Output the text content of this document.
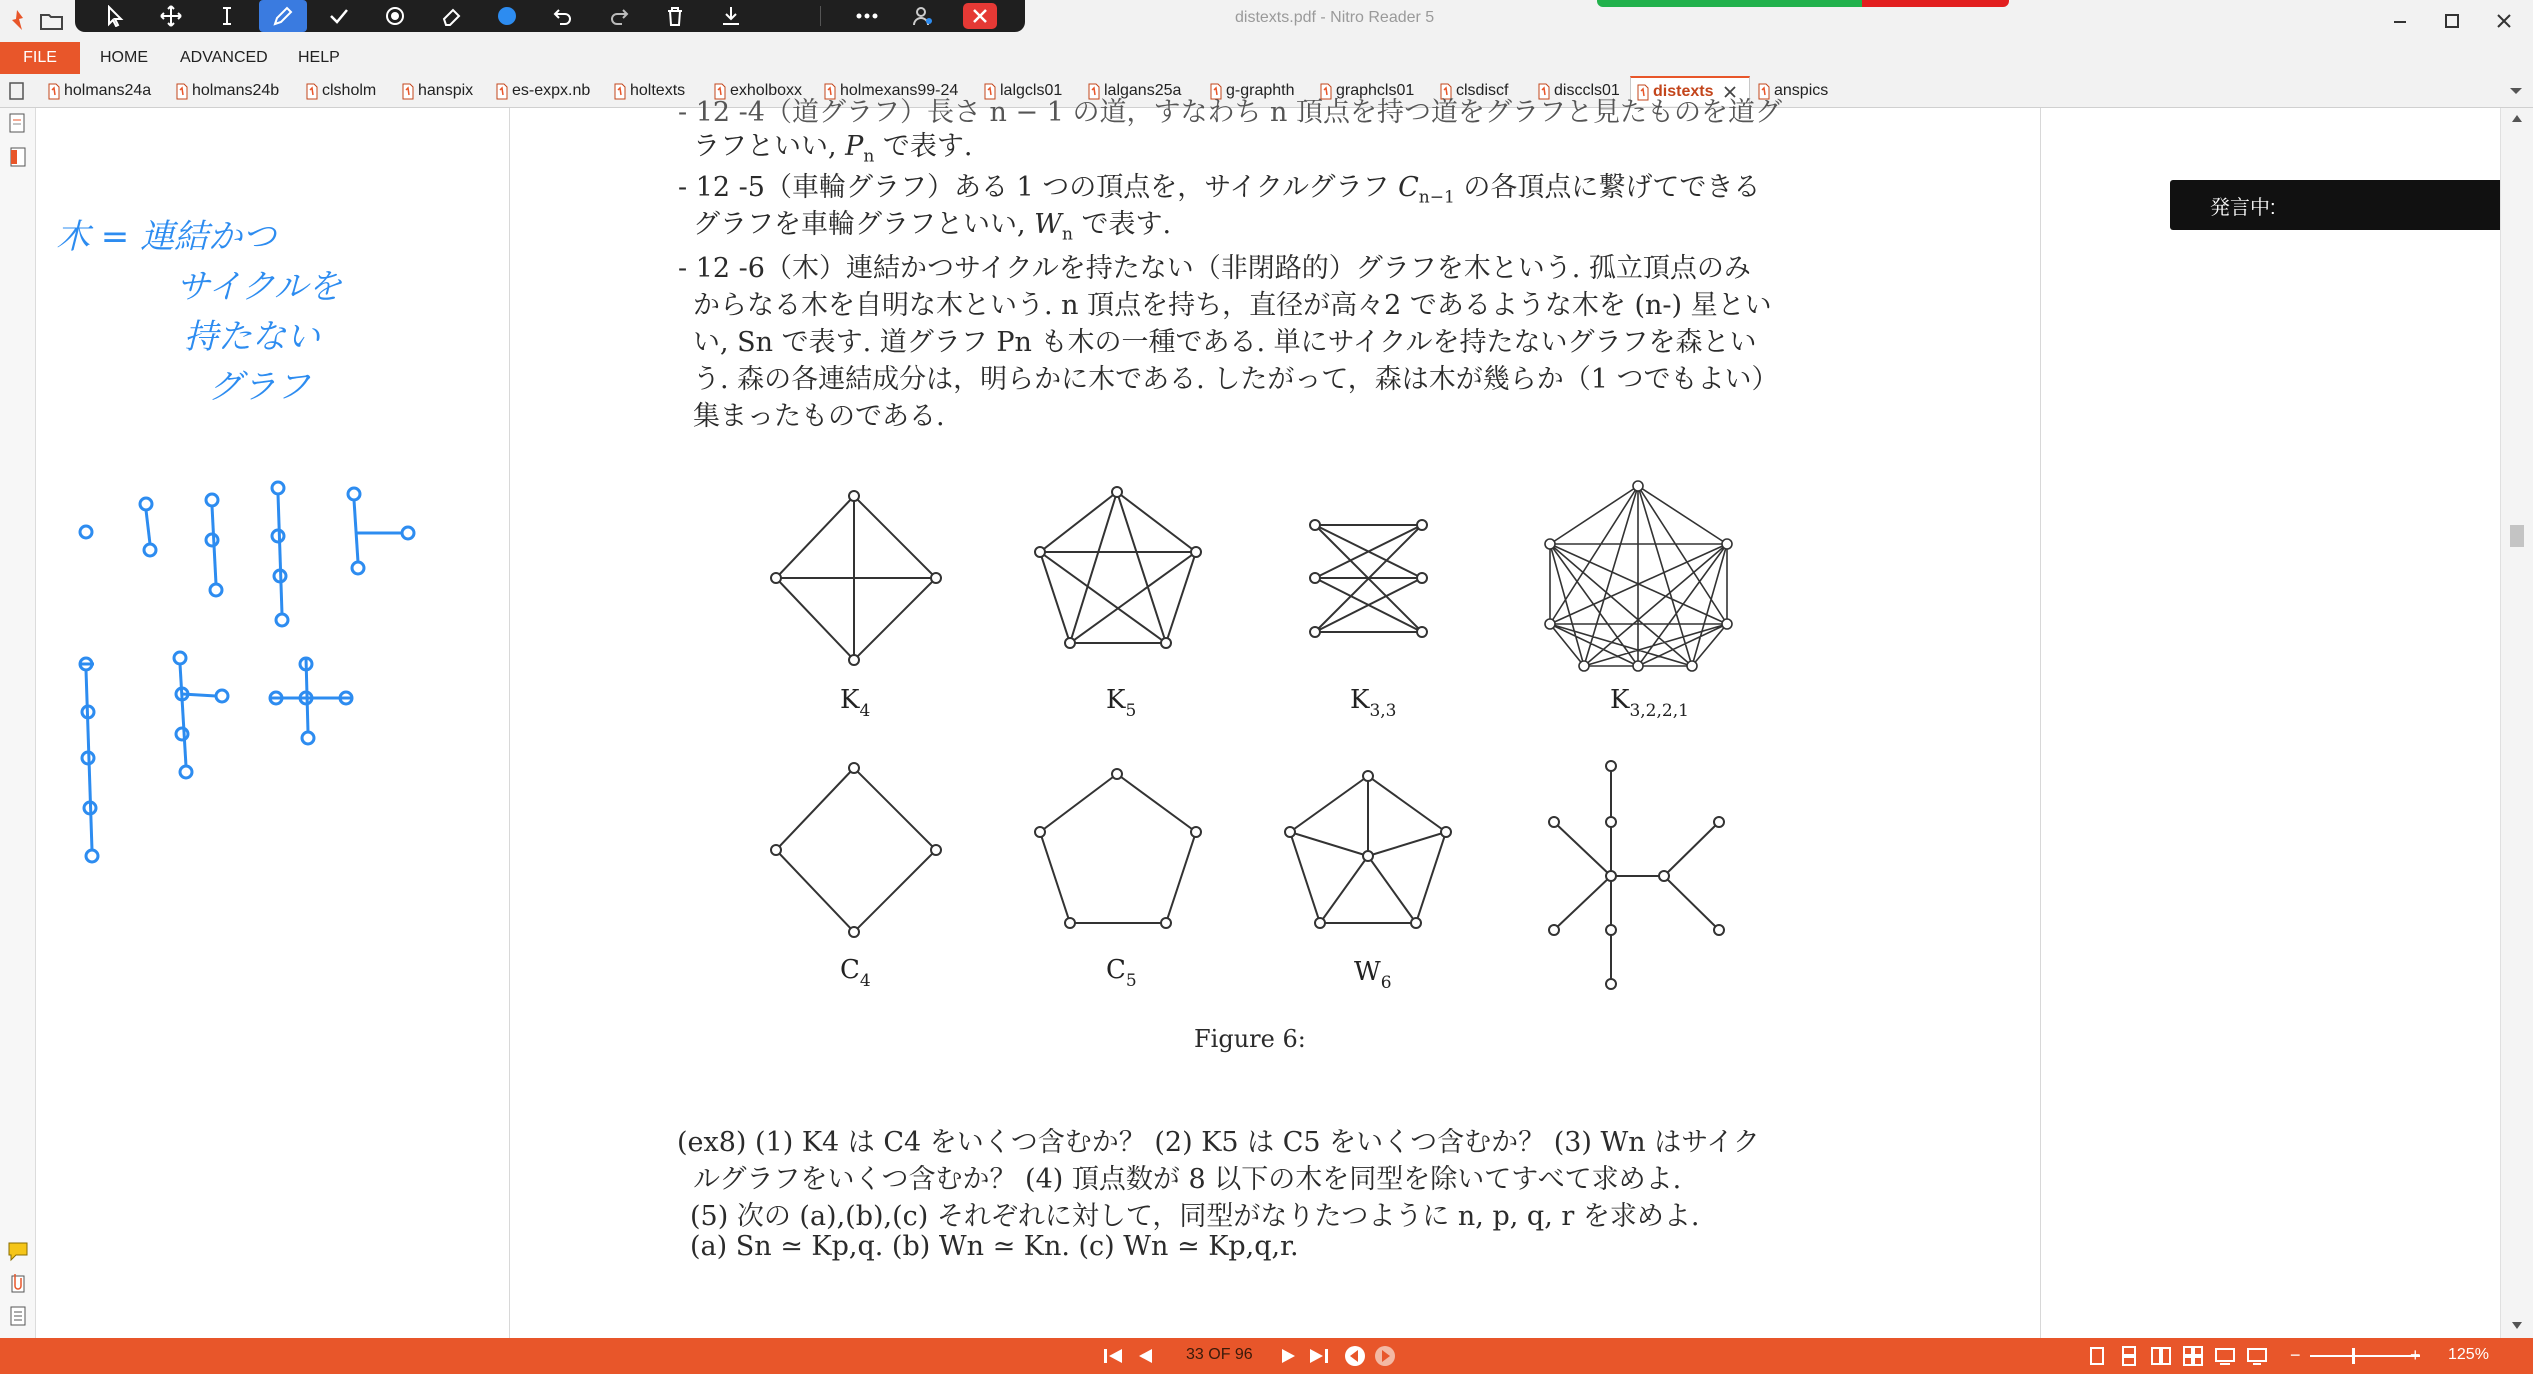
distexts.pdf - Nitro Reader 5
FILE	HOME ADVANCED HELP
holmans24a	holmans24b	clsholm	hanspix es-expx.nb holtexts	exholboxx holmexans99-24	lalgcls01	lalgans25a	g-graphth	graphcls01	clsdiscf	disccls01 distexts	anspics
木 = 連結かつ
サイクルを
持たない
グラフ
- 12 -4（道グラフ）長さ n − 1 の道，すなわち n 頂点を持つ道をグラフと見たものを道グ
ラフといい, $P_n$ で表す.
- 12 -5（車輪グラフ）ある 1 つの頂点を，サイクルグラフ $C_{n-1}$ の各頂点に繋げてできる
グラフを車輪グラフといい, $W_n$ で表す.
- 12 -6（木）連結かつサイクルを持たない（非閉路的）グラフを木という. 孤立頂点のみ
からなる木を自明な木という. n 頂点を持ち，直径が高々2 であるような木を (n-) 星とい
い, Sn で表す. 道グラフ Pn も木の一種である. 単にサイクルを持たないグラフを森とい
う. 森の各連結成分は，明らかに木である. したがって，森は木が幾らか（1 つでもよい）
集まったものである.
$K_4$	$K_5$	$K_{3,3}$	$K_{3,2,2,1}$
$C_4$	$C_5$	$W_6$
Figure 6:
(ex8) (1) K4 は C4 をいくつ含むか？ (2) K5 は C5 をいくつ含むか？ (3) Wn はサイク
ルグラフをいくつ含むか？ (4) 頂点数が 8 以下の木を同型を除いてすべて求めよ.
(5) 次の (a),(b),(c) それぞれに対して，同型がなりたつように n, p, q, r を求めよ.
(a) Sn ≃ Kp,q. (b) Wn ≃ Kn. (c) Wn ≃ Kp,q,r.
発言中:
−	+
33 OF 96	125%
